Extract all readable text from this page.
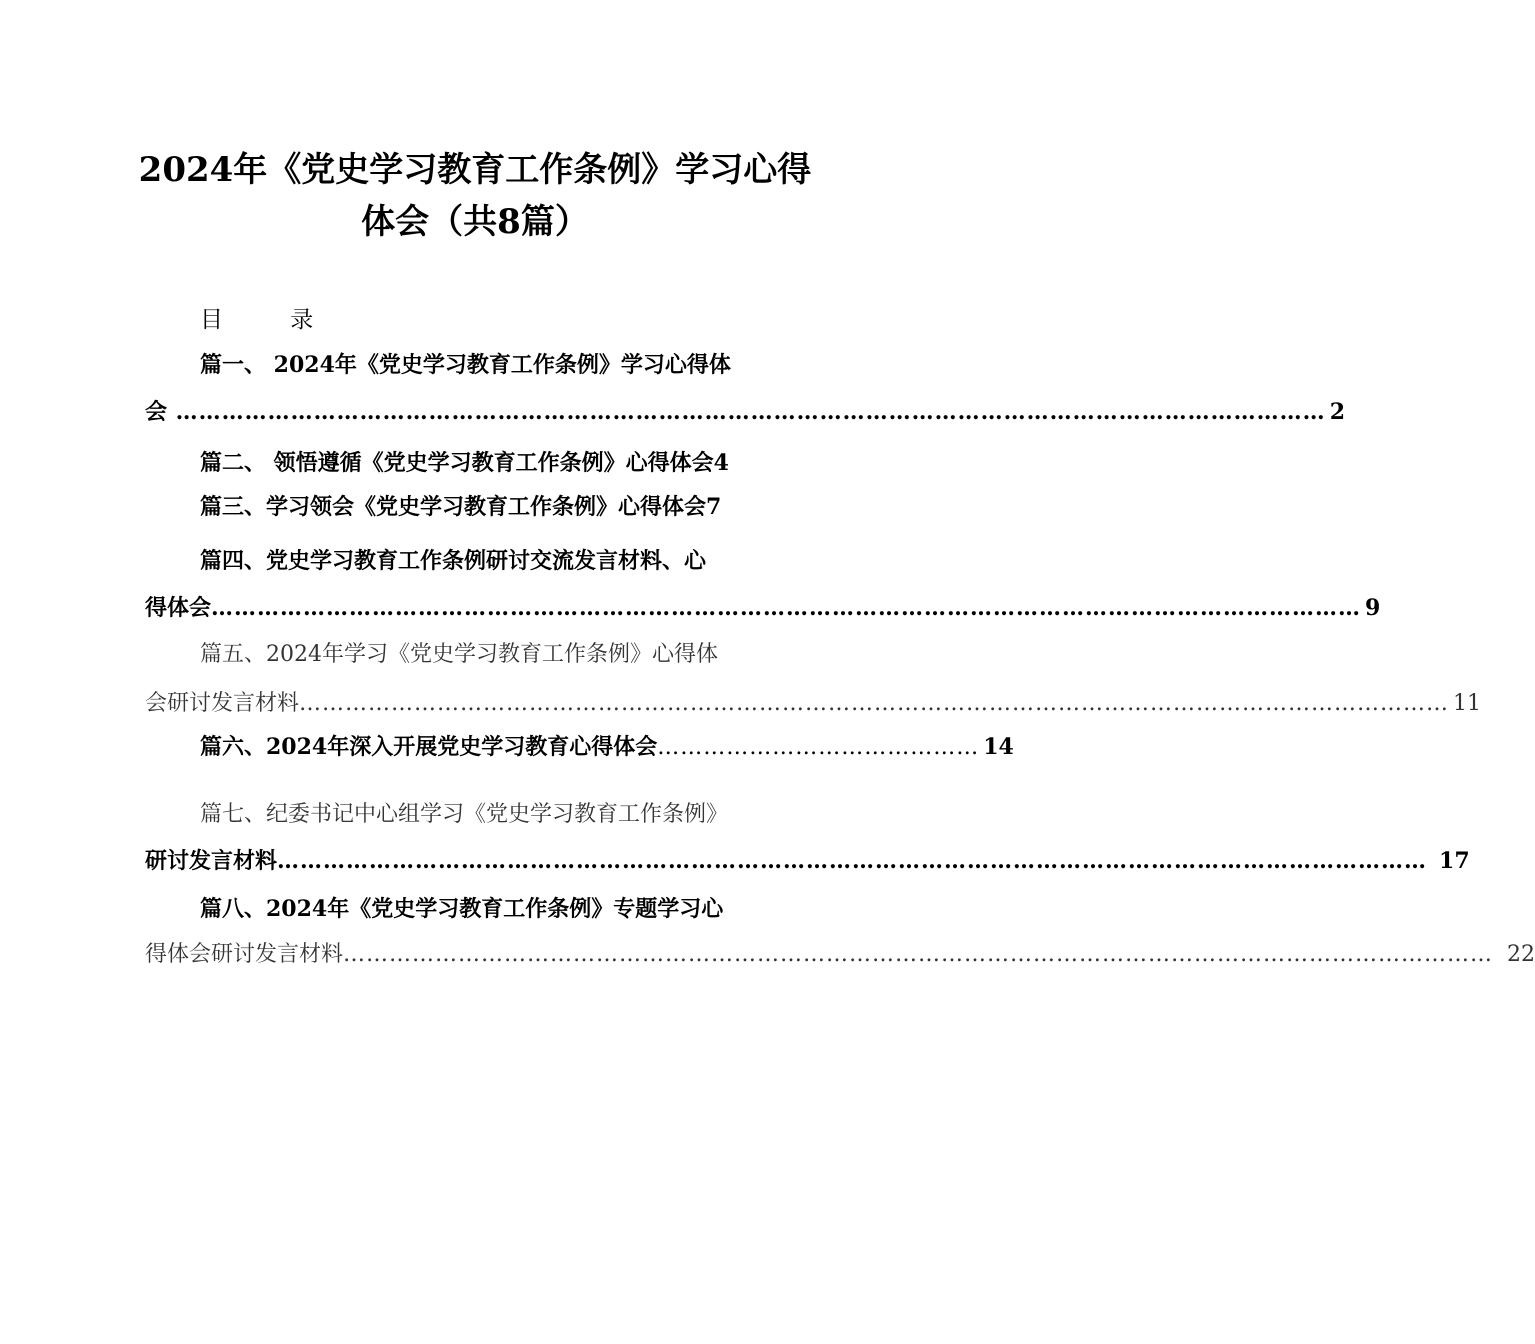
2024年《党史学习教育工作条例》学习心得
体会（共8篇）
目 录
篇一、 2024年《党史学习教育工作条例》学习心得体
会 …………………………………………………………………………………………………………………………………… 2
篇二、 领悟遵循《党史学习教育工作条例》心得体会4
篇三、学习领会《党史学习教育工作条例》心得体会7
篇四、党史学习教育工作条例研讨交流发言材料、心
得体会 …………………………………………………………………………………………………………………………………… 9
篇五、2024年学习《党史学习教育工作条例》心得体
会研讨发言材料 …………………………………………………………………………………………………………………………………… 11
篇六、2024年深入开展党史学习教育心得体会 …………………………………… 14
篇七、纪委书记中心组学习《党史学习教育工作条例》
研讨发言材料 …………………………………………………………………………………………………………………………………… 17
篇八、2024年《党史学习教育工作条例》专题学习心
得体会研讨发言材料 …………………………………………………………………………………………………………………………………… 22
